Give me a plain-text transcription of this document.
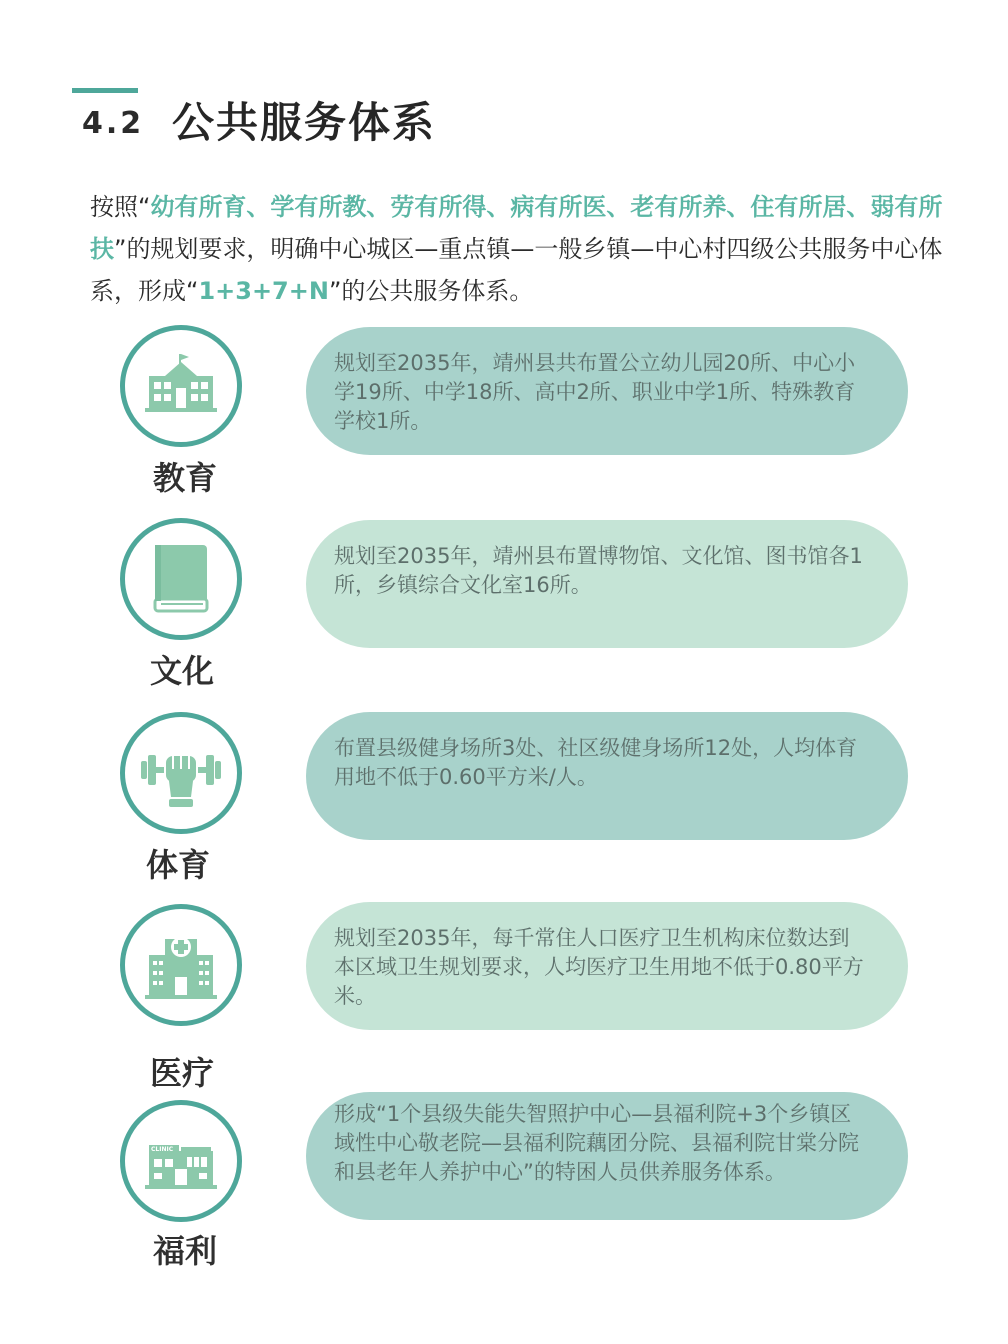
4.2 公共服务体系
按照“幼有所育、学有所教、劳有所得、病有所医、老有所养、住有所居、弱有所扶”的规划要求，明确中心城区—重点镇—一般乡镇—中心村四级公共服务中心体系，形成“1+3+7+N”的公共服务体系。
教育
规划至2035年，靖州县共布置公立幼儿园20所、中心小学19所、中学18所、高中2所、职业中学1所、特殊教育学校1所。
文化
规划至2035年，靖州县布置博物馆、文化馆、图书馆各1所，乡镇综合文化室16所。
体育
布置县级健身场所3处、社区级健身场所12处，人均体育用地不低于0.60平方米/人。
医疗
规划至2035年，每千常住人口医疗卫生机构床位数达到本区域卫生规划要求，人均医疗卫生用地不低于0.80平方米。
CLINIC
福利
形成“1个县级失能失智照护中心—县福利院+3个乡镇区域性中心敬老院—县福利院藕团分院、县福利院甘棠分院和县老年人养护中心”的特困人员供养服务体系。
